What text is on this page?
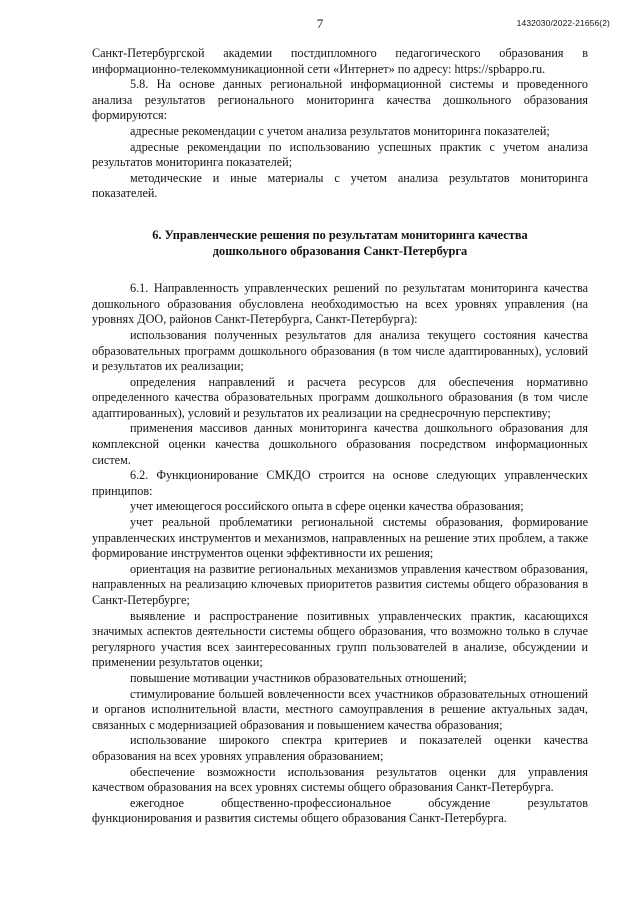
7	1432030/2022-21656(2)

Санкт-Петербургской академии постдипломного педагогического образования в информационно-телекоммуникационной сети «Интернет» по адресу: https://spbappo.ru.

5.8. На основе данных региональной информационной системы и проведенного анализа результатов регионального мониторинга качества дошкольного образования формируются:

адресные рекомендации с учетом анализа результатов мониторинга показателей;

адресные рекомендации по использованию успешных практик с учетом анализа результатов мониторинга показателей;

методические и иные материалы с учетом анализа результатов мониторинга показателей.

6. Управленческие решения по результатам мониторинга качества
дошкольного образования Санкт-Петербурга

6.1. Направленность управленческих решений по результатам мониторинга качества дошкольного образования обусловлена необходимостью на всех уровнях управления (на уровнях ДОО, районов Санкт-Петербурга, Санкт-Петербурга):

использования полученных результатов для анализа текущего состояния качества образовательных программ дошкольного образования (в том числе адаптированных), условий и результатов их реализации;

определения направлений и расчета ресурсов для обеспечения нормативно определенного качества образовательных программ дошкольного образования (в том числе адаптированных), условий и результатов их реализации на среднесрочную перспективу;

применения массивов данных мониторинга качества дошкольного образования для комплексной оценки качества дошкольного образования посредством информационных систем.

6.2. Функционирование СМКДО строится на основе следующих управленческих принципов:

учет имеющегося российского опыта в сфере оценки качества образования;

учет реальной проблематики региональной системы образования, формирование управленческих инструментов и механизмов, направленных на решение этих проблем, а также формирование инструментов оценки эффективности их решения;

ориентация на развитие региональных механизмов управления качеством образования, направленных на реализацию ключевых приоритетов развития системы общего образования в Санкт-Петербурге;

выявление и распространение позитивных управленческих практик, касающихся значимых аспектов деятельности системы общего образования, что возможно только в случае регулярного участия всех заинтересованных групп пользователей в анализе, обсуждении и применении результатов оценки;

повышение мотивации участников образовательных отношений;

стимулирование большей вовлеченности всех участников образовательных отношений и органов исполнительной власти, местного самоуправления в решение актуальных задач, связанных с модернизацией образования и повышением качества образования;

использование широкого спектра критериев и показателей оценки качества образования на всех уровнях управления образованием;

обеспечение возможности использования результатов оценки для управления качеством образования на всех уровнях системы общего образования Санкт-Петербурга.

ежегодное общественно-профессиональное обсуждение результатов функционирования и развития системы общего образования Санкт-Петербурга.
